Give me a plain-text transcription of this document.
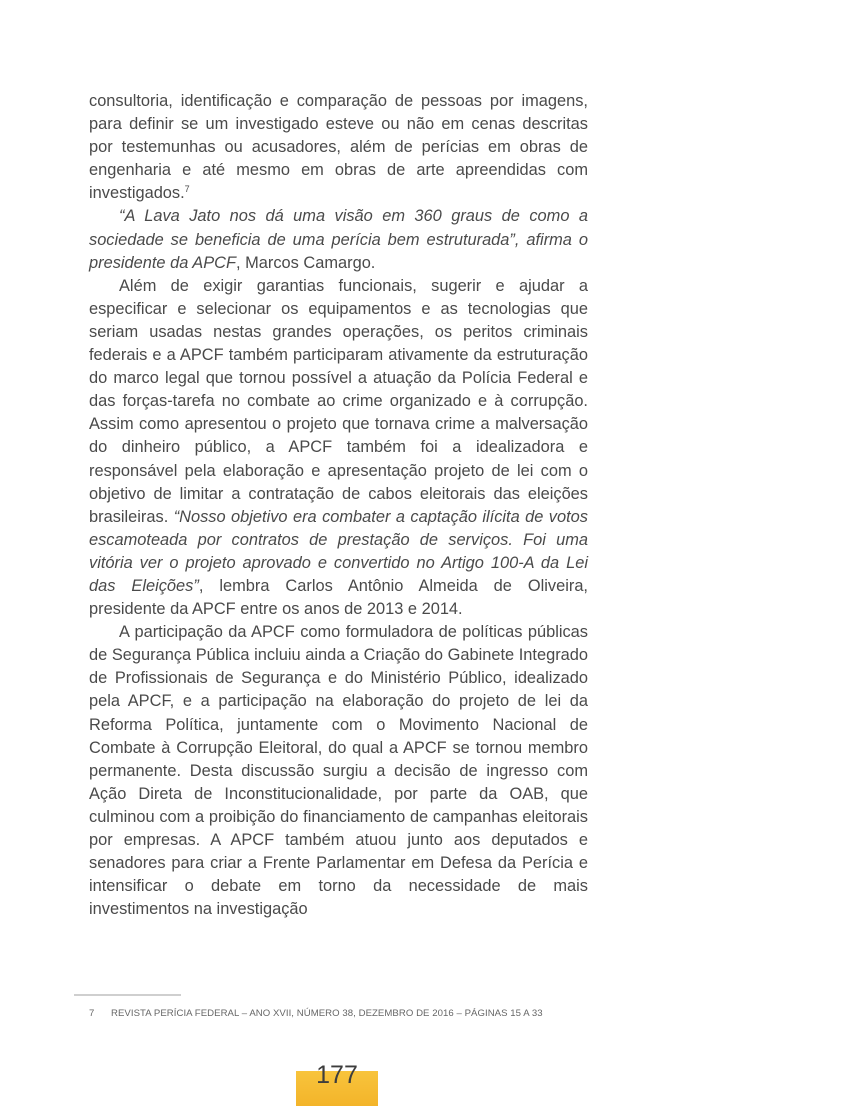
consultoria, identificação e comparação de pessoas por imagens, para definir se um investigado esteve ou não em cenas descritas por testemunhas ou acusadores, além de perícias em obras de engenharia e até mesmo em obras de arte apreendidas com investigados.$^7$

“A Lava Jato nos dá uma visão em 360 graus de como a sociedade se beneficia de uma perícia bem estruturada”, afirma o presidente da APCF, Marcos Camargo.

Além de exigir garantias funcionais, sugerir e ajudar a especificar e selecionar os equipamentos e as tecnologias que seriam usadas nestas grandes operações, os peritos criminais federais e a APCF também participaram ativamente da estruturação do marco legal que tornou possível a atuação da Polícia Federal e das forças-tarefa no combate ao crime organizado e à corrupção. Assim como apresentou o projeto que tornava crime a malversação do dinheiro público, a APCF também foi a idealizadora e responsável pela elaboração e apresentação projeto de lei com o objetivo de limitar a contratação de cabos eleitorais das eleições brasileiras. “Nosso objetivo era combater a captação ilícita de votos escamoteada por contratos de prestação de serviços. Foi uma vitória ver o projeto aprovado e convertido no Artigo 100-A da Lei das Eleições”, lembra Carlos Antônio Almeida de Oliveira, presidente da APCF entre os anos de 2013 e 2014.

A participação da APCF como formuladora de políticas públicas de Segurança Pública incluiu ainda a Criação do Gabinete Integrado de Profissionais de Segurança e do Ministério Público, idealizado pela APCF, e a participação na elaboração do projeto de lei da Reforma Política, juntamente com o Movimento Nacional de Combate à Corrupção Eleitoral, do qual a APCF se tornou membro permanente. Desta discussão surgiu a decisão de ingresso com Ação Direta de Inconstitucionalidade, por parte da OAB, que culminou com a proibição do financiamento de campanhas eleitorais por empresas. A APCF também atuou junto aos deputados e senadores para criar a Frente Parlamentar em Defesa da Perícia e intensificar o debate em torno da necessidade de mais investimentos na investigação

7 REVISTA PERÍCIA FEDERAL – ANO XVII, NÚMERO 38, DEZEMBRO DE 2016 – PÁGINAS 15 A 33
177
